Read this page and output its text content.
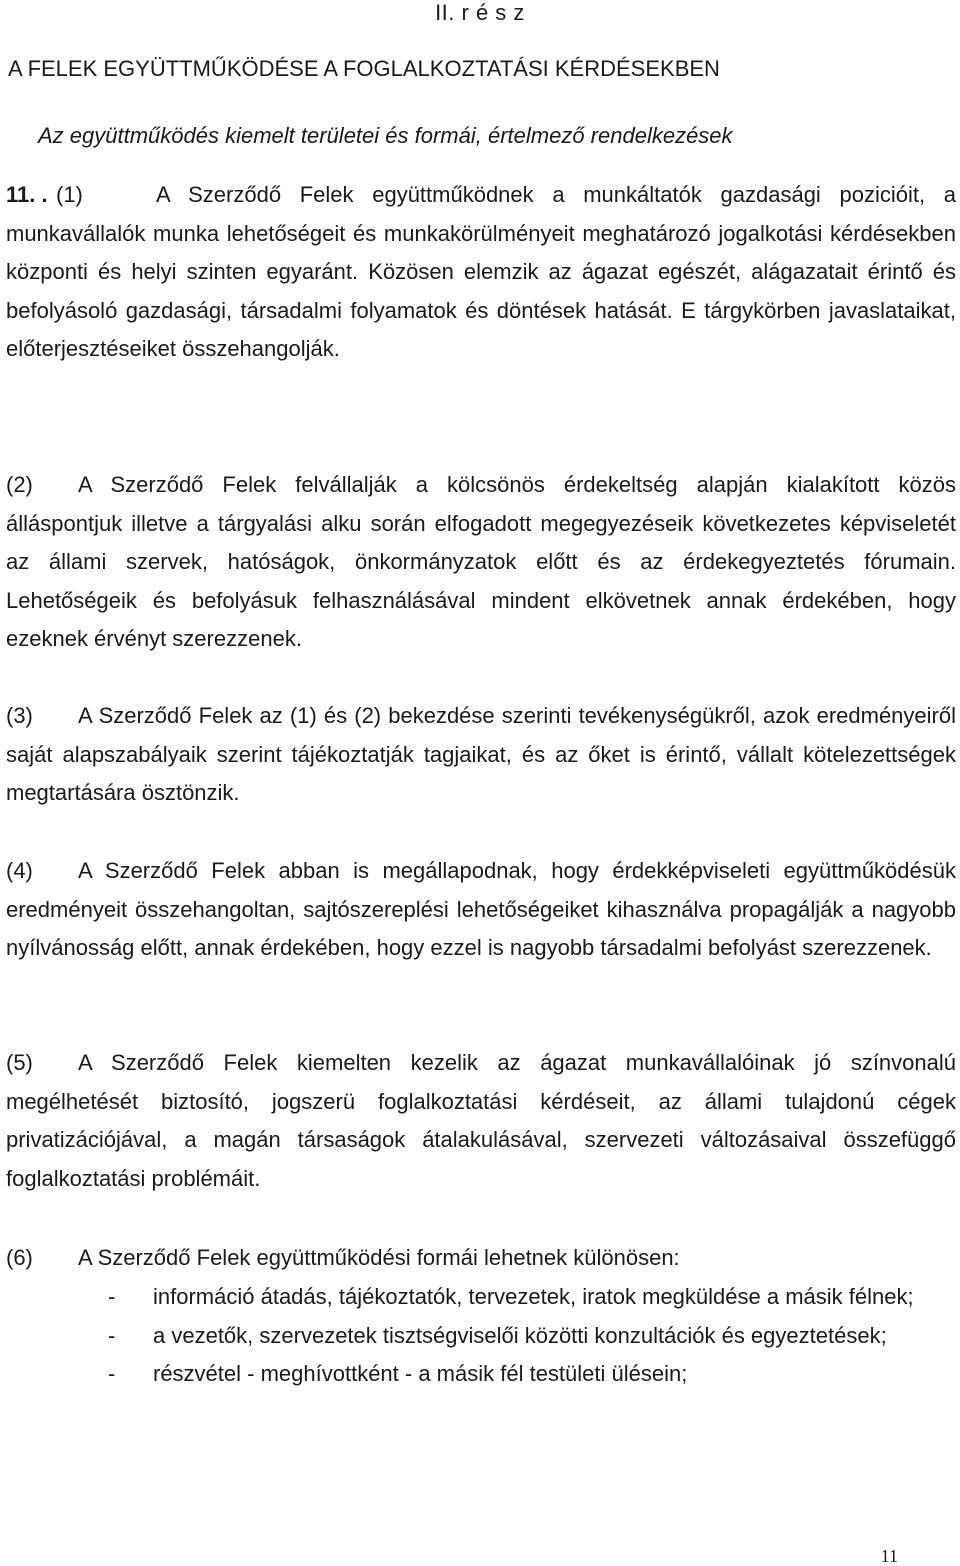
II. r é s z
A FELEK EGYÜTTMŰKÖDÉSE A FOGLALKOZTATÁSI KÉRDÉSEKBEN
Az együttműködés kiemelt területei és formái, értelmező rendelkezések

11. . (1)	A Szerződő Felek együttműködnek a munkáltatók gazdasági pozicióit, a munkavállalók munka lehetőségeit és munkakörülményeit meghatározó jogalkotási kérdésekben központi és helyi szinten egyaránt. Közösen elemzik az ágazat egészét, alágazatait érintő és befolyásoló gazdasági, társadalmi folyamatok és döntések hatását. E tárgykörben javaslataikat, előterjesztéseiket összehangolják.

(2) A Szerződő Felek felvállalják a kölcsönös érdekeltség alapján kialakított közös álláspontjuk illetve a tárgyalási alku során elfogadott megegyezéseik következetes képviseletét az állami szervek, hatóságok, önkormányzatok előtt és az érdekegyeztetés fórumain. Lehetőségeik és befolyásuk felhasználásával mindent elkövetnek annak érdekében, hogy ezeknek érvényt szerezzenek.

(3) A Szerződő Felek az (1) és (2) bekezdése szerinti tevékenységükről, azok eredményeiről saját alapszabályaik szerint tájékoztatják tagjaikat, és az őket is érintő, vállalt kötelezettségek megtartására ösztönzik.

(4) A Szerződő Felek abban is megállapodnak, hogy érdekképviseleti együttműködésük eredményeit összehangoltan, sajtószereplési lehetőségeiket kihasználva propagálják a nagyobb nyílvánosság előtt, annak érdekében, hogy ezzel is nagyobb társadalmi befolyást szerezzenek.

(5) A Szerződő Felek kiemelten kezelik az ágazat munkavállalóinak jó színvonalú megélhetését biztosító, jogszerü foglalkoztatási kérdéseit, az állami tulajdonú cégek privatizációjával, a magán társaságok átalakulásával, szervezeti változásaival összefüggő foglalkoztatási problémáit.

(6) A Szerződő Felek együttműködési formái lehetnek különösen:

- információ átadás, tájékoztatók, tervezetek, iratok megküldése a másik félnek;
- a vezetők, szervezetek tisztségviselői közötti konzultációk és egyeztetések;
- részvétel - meghívottként - a másik fél testületi ülésein;
11
